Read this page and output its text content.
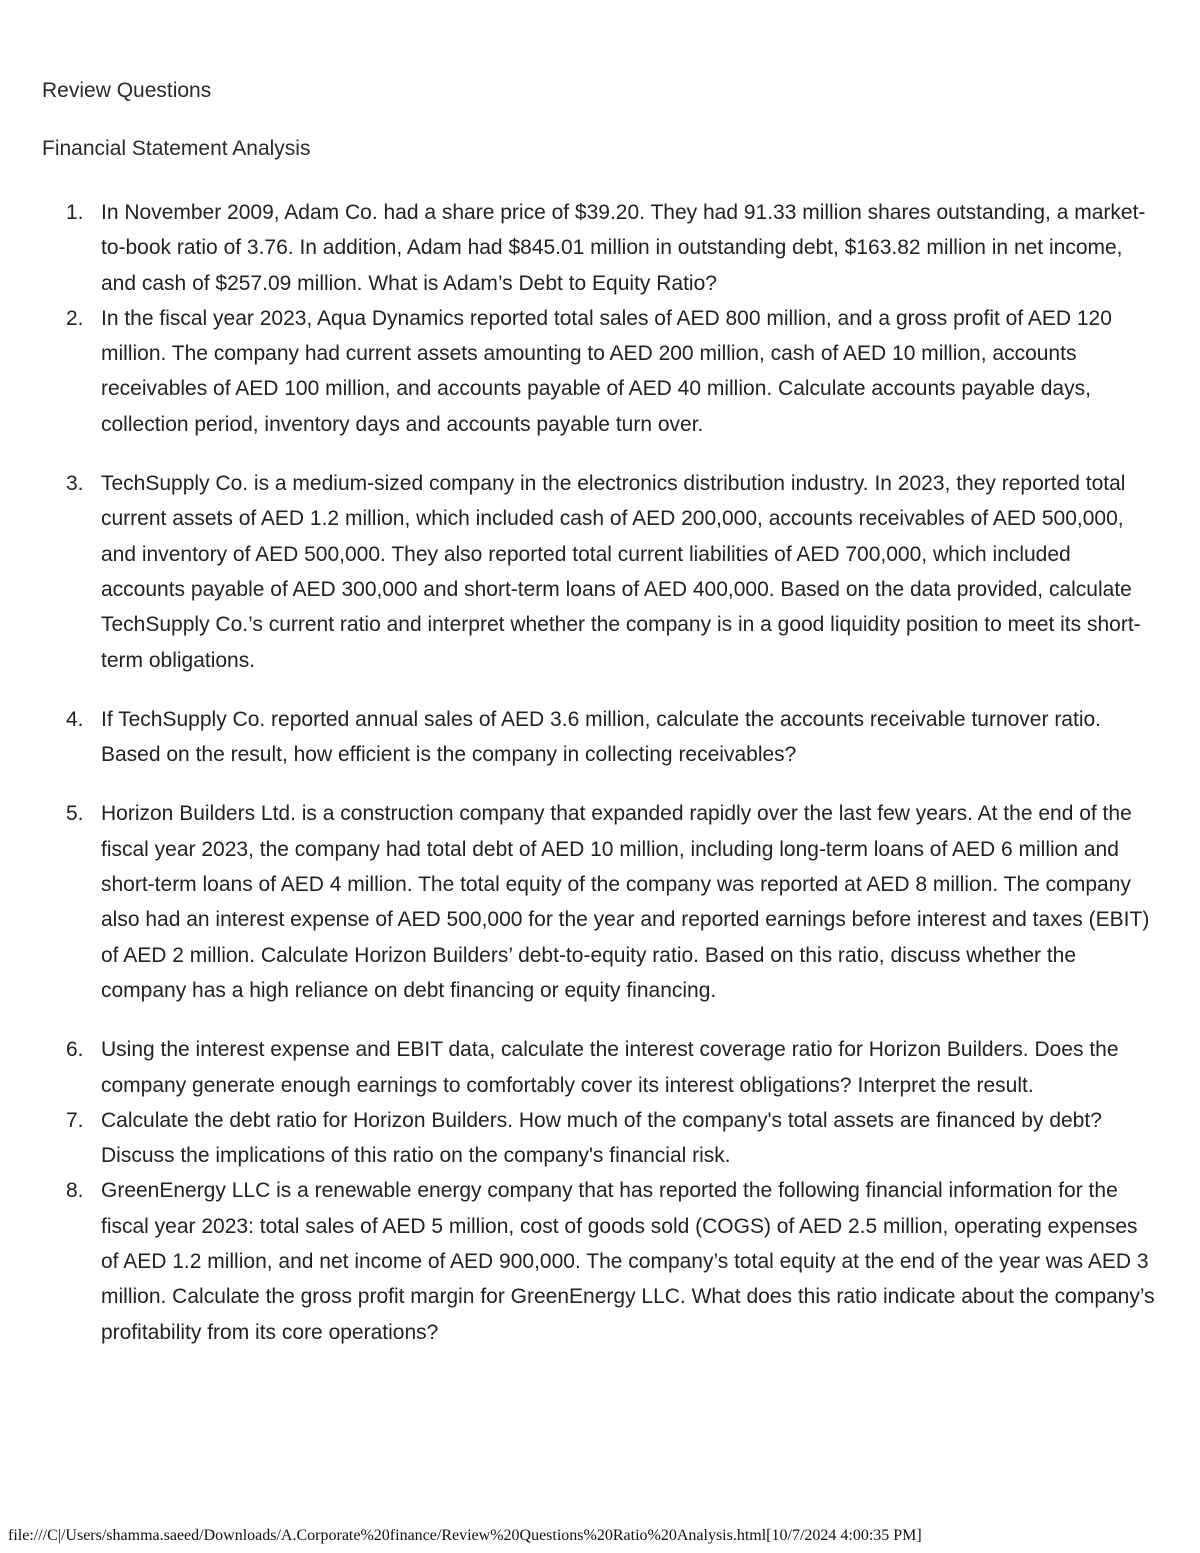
Review Questions
Financial Statement Analysis
1. In November 2009, Adam Co. had a share price of $39.20. They had 91.33 million shares outstanding, a market-to-book ratio of 3.76. In addition, Adam had $845.01 million in outstanding debt, $163.82 million in net income, and cash of $257.09 million. What is Adam’s Debt to Equity Ratio?
2. In the fiscal year 2023, Aqua Dynamics reported total sales of AED 800 million, and a gross profit of AED 120 million. The company had current assets amounting to AED 200 million, cash of AED 10 million, accounts receivables of AED 100 million, and accounts payable of AED 40 million. Calculate accounts payable days, collection period, inventory days and accounts payable turn over.
3. TechSupply Co. is a medium-sized company in the electronics distribution industry. In 2023, they reported total current assets of AED 1.2 million, which included cash of AED 200,000, accounts receivables of AED 500,000, and inventory of AED 500,000. They also reported total current liabilities of AED 700,000, which included accounts payable of AED 300,000 and short-term loans of AED 400,000. Based on the data provided, calculate TechSupply Co.’s current ratio and interpret whether the company is in a good liquidity position to meet its short-term obligations.
4. If TechSupply Co. reported annual sales of AED 3.6 million, calculate the accounts receivable turnover ratio. Based on the result, how efficient is the company in collecting receivables?
5. Horizon Builders Ltd. is a construction company that expanded rapidly over the last few years. At the end of the fiscal year 2023, the company had total debt of AED 10 million, including long-term loans of AED 6 million and short-term loans of AED 4 million. The total equity of the company was reported at AED 8 million. The company also had an interest expense of AED 500,000 for the year and reported earnings before interest and taxes (EBIT) of AED 2 million. Calculate Horizon Builders’ debt-to-equity ratio. Based on this ratio, discuss whether the company has a high reliance on debt financing or equity financing.
6. Using the interest expense and EBIT data, calculate the interest coverage ratio for Horizon Builders. Does the company generate enough earnings to comfortably cover its interest obligations? Interpret the result.
7. Calculate the debt ratio for Horizon Builders. How much of the company's total assets are financed by debt? Discuss the implications of this ratio on the company's financial risk.
8. GreenEnergy LLC is a renewable energy company that has reported the following financial information for the fiscal year 2023: total sales of AED 5 million, cost of goods sold (COGS) of AED 2.5 million, operating expenses of AED 1.2 million, and net income of AED 900,000. The company’s total equity at the end of the year was AED 3 million. Calculate the gross profit margin for GreenEnergy LLC. What does this ratio indicate about the company’s profitability from its core operations?
file:///C|/Users/shamma.saeed/Downloads/A.Corporate%20finance/Review%20Questions%20Ratio%20Analysis.html[10/7/2024 4:00:35 PM]
